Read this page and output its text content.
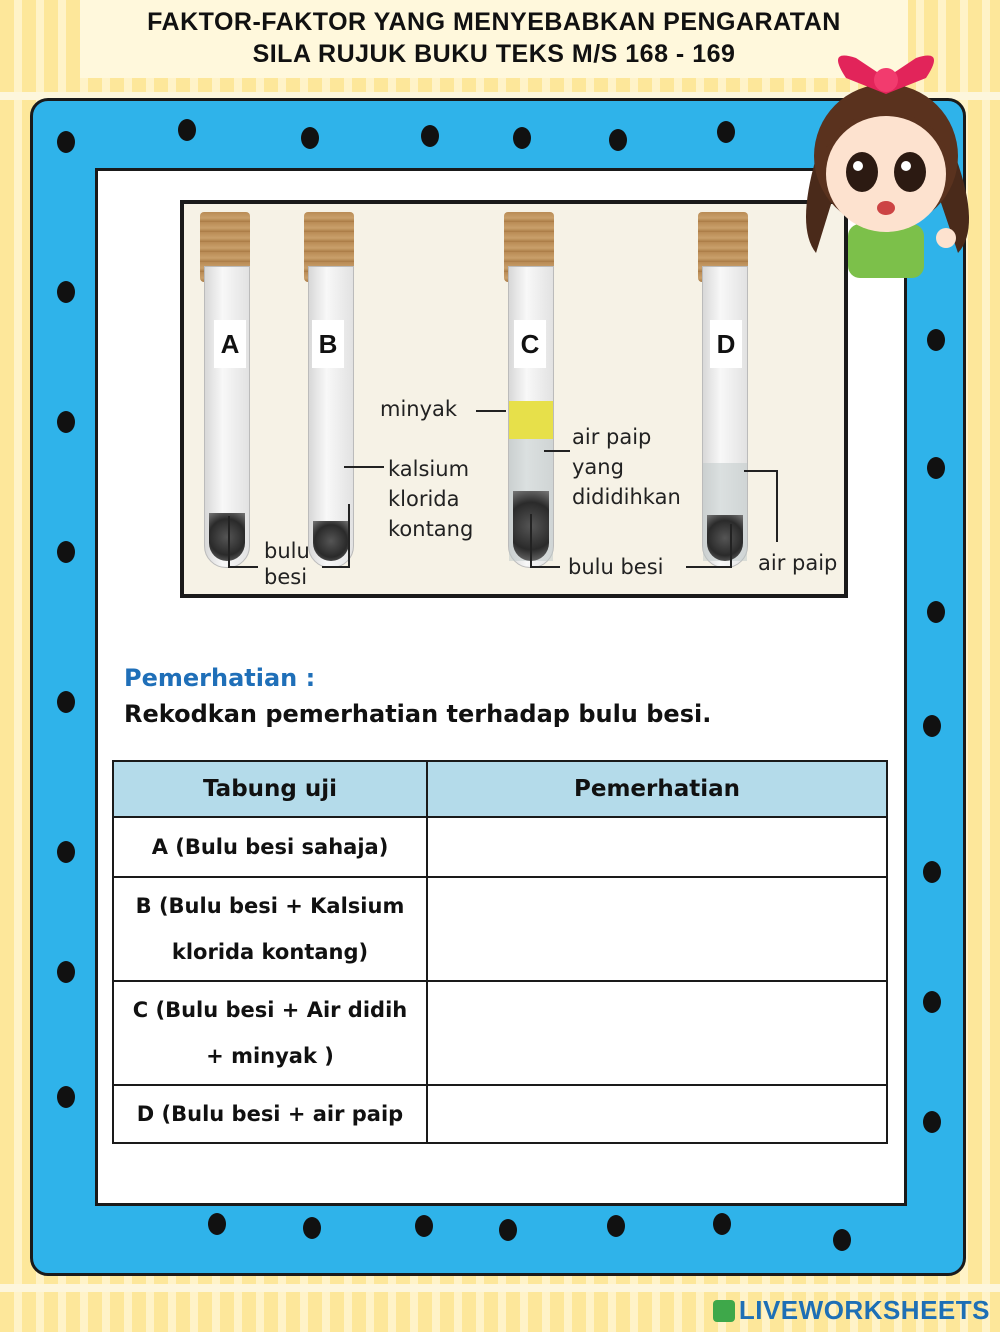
FAKTOR-FAKTOR YANG MENYEBABKAN PENGARATAN
SILA RUJUK BUKU TEKS M/S 168 - 169
A	B	C	D
minyak
air paip
yang
dididihkan
kalsium
klorida
kontang
bulu
besi	bulu besi	air paip
Pemerhatian :
Rekodkan pemerhatian terhadap bulu besi.
Tabung uji	Pemerhatian

A (Bulu besi sahaja)	

B (Bulu besi + Kalsium
klorida kontang)	

C (Bulu besi + Air didih
+ minyak )	

D (Bulu besi + air paip	

LIVEWORKSHEETS
